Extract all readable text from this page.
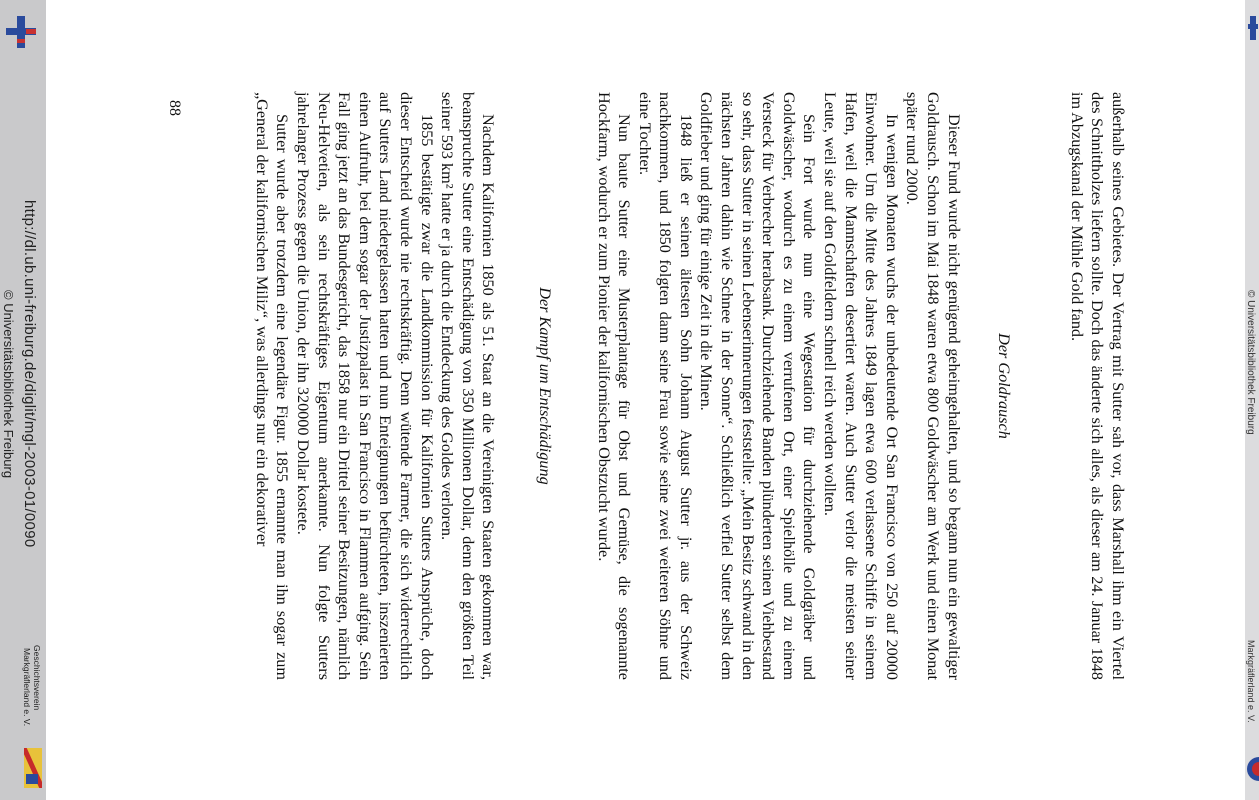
http://dl.ub.uni-freiburg.de/diglit/mgl-2003-01/0090
© Universitätsbibliothek Freiburg
Geschichtsverein
Markgräflerland e. V.
© Universitätsbibliothek Freiburg
Markgräflerland e. V.

außerhalb seines Gebietes. Der Vertrag mit Sutter sah vor, dass Marshall ihm ein Viertel des Schnittholzes liefern sollte. Doch das änderte sich alles, als dieser am 24. Januar 1848 im Abzugskanal der Mühle Gold fand.

Der Goldrausch

Dieser Fund wurde nicht genügend geheimgehalten, und so begann nun ein gewaltiger Goldrausch. Schon im Mai 1848 waren etwa 800 Goldwäscher am Werk und einen Monat später rund 2000.

In wenigen Monaten wuchs der unbedeutende Ort San Francisco von 250 auf 20000 Einwohner. Um die Mitte des Jahres 1849 lagen etwa 600 verlassene Schiffe in seinem Hafen, weil die Mannschaften desertiert waren. Auch Sutter verlor die meisten seiner Leute, weil sie auf den Goldfeldern schnell reich werden wollten.

Sein Fort wurde nun eine Wegestation für durchziehende Goldgräber und Goldwäscher, wodurch es zu einem verrufenen Ort, einer Spielhölle und zu einem Versteck für Verbrecher herabsank. Durchziehende Banden plünderten seinen Viehbestand so sehr, dass Sutter in seinen Lebenserinnerungen feststellte: „Mein Besitz schwand in den nächsten Jahren dahin wie Schnee in der Sonne“. Schließlich verfiel Sutter selbst dem Goldfieber und ging für einige Zeit in die Minen.

1848 ließ er seinen ältesten Sohn Johann August Sutter jr. aus der Schweiz nachkommen, und 1850 folgten dann seine Frau sowie seine zwei weiteren Söhne und eine Tochter.

Nun baute Sutter eine Musterplantage für Obst und Gemüse, die sogenannte Hockfarm, wodurch er zum Pionier der kalifornischen Obstzucht wurde.

Der Kampf um Entschädigung

Nachdem Kalifornien 1850 als 51. Staat an die Vereinigten Staaten gekommen war, beanspruchte Sutter eine Entschädigung von 350 Millionen Dollar, denn den größten Teil seiner 593 km² hatte er ja durch die Entdeckung des Goldes verloren.

1855 bestätigte zwar die Landkommission für Kalifornien Sutters Ansprüche, doch dieser Entscheid wurde nie rechtskräftig. Denn wütende Farmer, die sich widerrechtlich auf Sutters Land niedergelassen hatten und nun Enteignungen befürchteten, inszenierten einen Aufruhr, bei dem sogar der Justizpalast in San Francisco in Flammen aufging. Sein Fall ging jetzt an das Bundesgericht, das 1858 nur ein Drittel seiner Besitzungen, nämlich Neu-Helvetien, als sein rechtskräftiges Eigentum anerkannte. Nun folgte Sutters jahrelanger Prozess gegen die Union, der ihn 320000 Dollar kostete.

Sutter wurde aber trotzdem eine legendäre Figur. 1855 ernannte man ihn sogar zum „General der kalifornischen Miliz“, was allerdings nur ein dekorativer

88
